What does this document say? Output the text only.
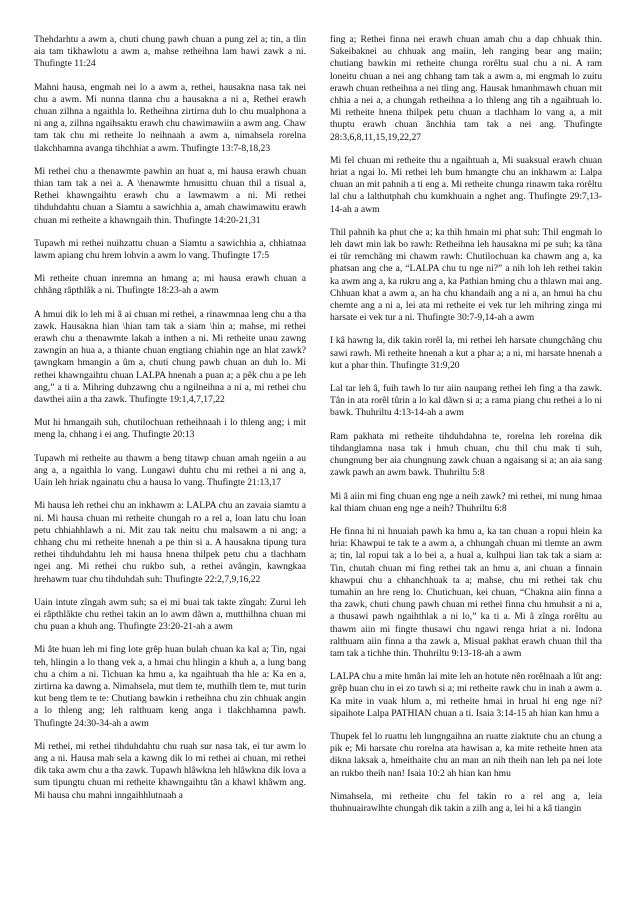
Thehdarhtu a awm a, chuti chung pawh chuan a pung zel a; tin, a tlin aia tam tikhawlotu a awm a, mahse retheihna lam hawi zawk a ni. Thufingte 11:24

Mahni hausa, engmah nei lo a awm a, rethei, hausakna nasa tak nei chu a awm. Mi nunna tlanna chu a hausakna a ni a, Rethei erawh chuan zilhna a ngaithla lo. Retheihna zirtirna duh lo chu mualphona a ni ang a, zilhna ngaihsaktu erawh chu chawimawiin a awm ang. Chaw tam tak chu mi retheite lo neihnaah a awm a, nimahsela rorelna tlakchhamna avanga tihchhiat a awm. Thufingte 13:7-8,18,23

Mi rethei chu a thenawmte pawhin an huat a, mi hausa erawh chuan thian tam tak a nei a. A \henawmte hmusittu chuan thil a tisual a, Rethei khawngaihtu erawh chu a lawmawm a ni. Mi rethei tihduhdahtu chuan a Siamtu a sawichhia a, amah chawimawitu erawh chuan mi retheite a khawngaih thin. Thufingte 14:20-21,31

Tupawh mi rethei nuihzattu chuan a Siamtu a sawichhia a, chhiatnaa lawm apiang chu hrem lohvin a awm lo vang. Thufingte 17:5

Mi retheite chuan inremna an hmang a; mi hausa erawh chuan a chhãng râpthlãk a ni. Thufingte 18:23-ah a awm

A hmui dik lo leh mi â ai chuan mi rethei, a rinawmnaa leng chu a tha zawk. Hausakna hian \hian tam tak a siam \hin a; mahse, mi rethei erawh chu a thenawmte lakah a inthen a ni. Mi retheite unau zawng zawngin an hua a, a thiante chuan engtiang chiahin nge an hlat zawk? ţawngkam hmangin a ûm a, chuti chung pawh chuan an duh lo. Mi rethei khawngaihtu chuan LALPA hnenah a puan a; a pêk chu a pe leh ang,” a ti a. Mihring duhzawng chu a ngilneihna a ni a, mi rethei chu dawthei aiin a tha zawk. Thufingte 19:1,4,7,17,22

Mut hi hmangaih suh, chutilochuan retheihnaah i lo thleng ang; i mit meng la, chhang i ei ang. Thufingte 20:13

Tupawh mi retheite au thawm a beng titawp chuan amah ngeiin a au ang a, a ngaithla lo vang. Lungawi duhtu chu mi rethei a ni ang a, Uain leh hriak ngainatu chu a hausa lo vang. Thufingte 21:13,17

Mi hausa leh rethei chu an inkhawm a: LALPA chu an zavaia siamtu a ni. Mi hausa chuan mi retheite chungah ro a rel a, loan latu chu loan petu chhiahhlawh a ni. Mit zau tak neitu chu malsawm a ni ang; a chhang chu mi retheite hnenah a pe thin si a. A hausakna tipung tura rethei tihduhdahtu leh mi hausa hnena thilpek petu chu a tlachham ngei ang. Mi rethei chu rukbo suh, a rethei avângin, kawngkaa hrehawm tuar chu tihduhdah suh: Thufingte 22:2,7,9,16,22

Uain intute zîngah awm suh; sa ei mi buai tak takte zîngah: Zurui leh ei râpthlãkte chu rethei takin an lo awm dãwn a, mutthilhna chuan mi chu puan a khuh ang. Thufingte 23:20-21-ah a awm

Mi âte huan leh mi fing lote grêp huan bulah chuan ka kal a; Tin, ngai teh, hlingin a lo thang vek a, a hmai chu hlingin a khuh a, a lung bang chu a chim a ni. Tichuan ka hmu a, ka ngaihtuah tha hle a: Ka en a, zirtirna ka dawng a. Nimahsela, mut tlem te, muthilh tlem te, mut turin kut beng tlem te te: Chutiang bawkin i retheihna chu zin chhuak angin a lo thleng ang; leh ralthuam keng anga i tlakchhamna pawh. Thufingte 24:30-34-ah a awm

Mi rethei, mi rethei tihduhdahtu chu ruah sur nasa tak, ei tur awm lo ang a ni. Hausa mah sela a kawng dik lo mi rethei ai chuan, mi rethei dik taka awm chu a tha zawk. Tupawh hlâwkna leh hlâwkna dik lova a sum tipungtu chuan mi retheite khawngaihtu tân a khawl khâwm ang. Mi hausa chu mahni inngaihhlutnaah a

fing a; Rethei finna nei erawh chuan amah chu a dap chhuak thin. Sakeibaknei au chhuak ang maiin, leh ranging bear ang maiin; chutiang bawkin mi retheite chunga rorêltu sual chu a ni. A ram loneitu chuan a nei ang chhang tam tak a awm a, mi engmah lo zuitu erawh chuan retheihna a nei tling ang. Hausak hmanhmawh chuan mit chhia a nei a, a chungah retheihna a lo thleng ang tih a ngaihtuah lo. Mi retheite hnena thilpek petu chuan a tlachham lo vang a, a mit thuptu erawh chuan ânchhia tam tak a nei ang. Thufingte 28:3,6,8,11,15,19,22,27

Mi fel chuan mi retheite thu a ngaihtuah a, Mi suaksual erawh chuan hriat a ngai lo. Mi rethei leh bum hmangte chu an inkhawm a: Lalpa chuan an mit pahnih a ti eng a. Mi retheite chunga rinawm taka rorêltu lal chu a lalthutphah chu kumkhuain a nghet ang. Thufingte 29:7,13-14-ah a awm

Thil pahnih ka phut che a; ka thih hmain mi phat suh: Thil engmah lo leh dawt min lak bo rawh: Retheihna leh hausakna mi pe suh; ka tãna ei tûr remchãng mi chawm rawh: Chutilochuan ka chawm ang a, ka phatsan ang che a, “LALPA chu tu nge ni?” a nih loh leh rethei takin ka awm ang a, ka rukru ang a, ka Pathian hming chu a thlawn mai ang. Chhuan khat a awm a, an ha chu khandaih ang a ni a, an hmui ha chu chemte ang a ni a, lei ata mi retheite ei vek tur leh mihring zinga mi harsate ei vek tur a ni. Thufingte 30:7-9,14-ah a awm

I kâ hawng la, dik takin rorêl la, mi rethei leh harsate chungchãng chu sawi rawh. Mi retheite hnenah a kut a phar a; a ni, mi harsate hnenah a kut a phar thin. Thufingte 31:9,20

Lal tar leh â, fuih tawh lo tur aiin naupang rethei leh fing a tha zawk. Tân in ata rorêl tûrin a lo kal dãwn si a; a rama piang chu rethei a lo ni bawk. Thuhriltu 4:13-14-ah a awm

Ram pakhata mi retheite tihduhdahna te, rorelna leh rorelna dik tihdanglamna nasa tak i hmuh chuan, chu thil chu mak ti suh, chungnung ber aia chungnung zawk chuan a ngaisang si a; an aia sang zawk pawh an awm bawk. Thuhriltu 5:8

Mi â aiin mi fing chuan eng nge a neih zawk? mi rethei, mi nung hmaa kal thiam chuan eng nge a neih? Thuhriltu 6:8

He finna hi ni hnuaiah pawh ka hmu a, ka tan chuan a ropui hlein ka hria: Khawpui te tak te a awm a, a chhungah chuan mi tlemte an awm a; tin, lal ropui tak a lo bei a, a hual a, kulhpui lian tak tak a siam a: Tin, chutah chuan mi fing rethei tak an hmu a, ani chuan a finnain khawpui chu a chhanchhuak ta a; mahse, chu mi rethei tak chu tumahin an hre reng lo. Chutichuan, kei chuan, “Chakna aiin finna a tha zawk, chuti chung pawh chuan mi rethei finna chu hmuhsit a ni a, a thusawi pawh ngaihthlak a ni lo,” ka ti a. Mi â zînga rorêltu au thawm aiin mi fingte thusawi chu ngawi renga hriat a ni. Indona ralthuam aiin finna a tha zawk a, Misual pakhat erawh chuan thil tha tam tak a tichhe thin. Thuhriltu 9:13-18-ah a awm

LALPA chu a mite hmân lai mite leh an hotute nên rorêlnaah a lût ang: grêp huan chu in ei zo tawh si a; mi retheite rawk chu in inah a awm a. Ka mite in vuak hlum a, mi retheite hmai in hrual hi eng nge ni? sipaihote Lalpa PATHIAN chuan a ti. Isaia 3:14-15 ah hian kan hmu a

Thupek fel lo ruattu leh lungngaihna an ruatte ziaktute chu an chung a pik e; Mi harsate chu rorelna ata hawisan a, ka mite retheite hnen ata dikna laksak a, hmeithaite chu an man an nih theih nan leh pa nei lote an rukbo theih nan! Isaia 10:2 ah hian kan hmu

Nimahsela, mi retheite chu fel takin ro a rel ang a, leia thuhnuairawlhte chungah dik takin a zilh ang a, lei hi a kâ tiangin
